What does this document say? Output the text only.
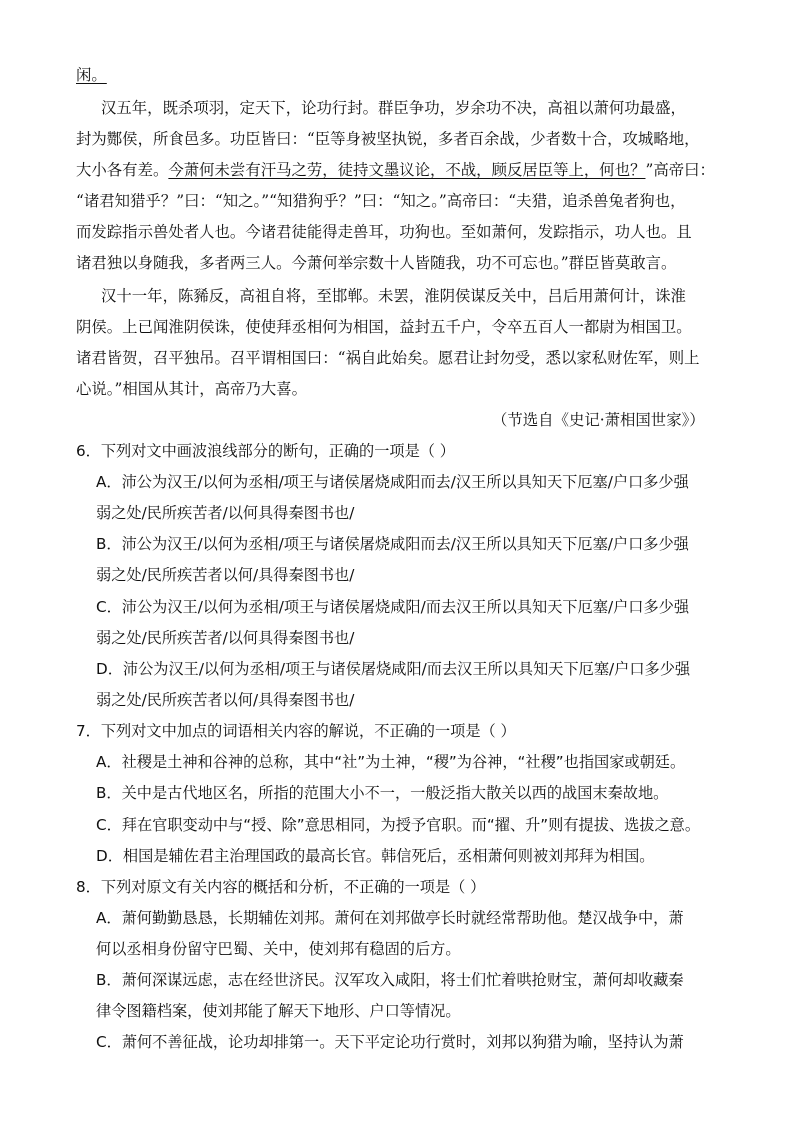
闲。
汉五年，既杀项羽，定天下，论功行封。群臣争功，岁余功不决，高祖以萧何功最盛，
封为酂侯，所食邑多。功臣皆曰：“臣等身被坚执锐，多者百余战，少者数十合，攻城略地，
大小各有差。今萧何未尝有汗马之劳，徒持文墨议论，不战，顾反居臣等上，何也？”高帝曰：
“诸君知猎乎？”曰：“知之。”“知猎狗乎？”曰：“知之。”高帝曰：“夫猎，追杀兽兔者狗也，
而发踪指示兽处者人也。今诸君徒能得走兽耳，功狗也。至如萧何，发踪指示，功人也。且
诸君独以身随我，多者两三人。今萧何举宗数十人皆随我，功不可忘也。”群臣皆莫敢言。
汉十一年，陈豨反，高祖自将，至邯郸。未罢，淮阴侯谋反关中，吕后用萧何计，诛淮
阴侯。上已闻淮阴侯诛，使使拜丞相何为相国，益封五千户，令卒五百人一都尉为相国卫。
诸君皆贺，召平独吊。召平谓相国曰：“祸自此始矣。愿君让封勿受，悉以家私财佐军，则上
心说。”相国从其计，高帝乃大喜。
（节选自《史记·萧相国世家》）
6．下列对文中画波浪线部分的断句，正确的一项是（ ）
A．沛公为汉王/以何为丞相/项王与诸侯屠烧咸阳而去/汉王所以具知天下厄塞/户口多少强
弱之处/民所疾苦者/以何具得秦图书也/
B．沛公为汉王/以何为丞相/项王与诸侯屠烧咸阳而去/汉王所以具知天下厄塞/户口多少强
弱之处/民所疾苦者以何/具得秦图书也/
C．沛公为汉王/以何为丞相/项王与诸侯屠烧咸阳/而去汉王所以具知天下厄塞/户口多少强
弱之处/民所疾苦者/以何具得秦图书也/
D．沛公为汉王/以何为丞相/项王与诸侯屠烧咸阳/而去汉王所以具知天下厄塞/户口多少强
弱之处/民所疾苦者以何/具得秦图书也/
7．下列对文中加点的词语相关内容的解说，不正确的一项是（ ）
A．社稷是土神和谷神的总称，其中“社”为土神，“稷”为谷神，“社稷”也指国家或朝廷。
B．关中是古代地区名，所指的范围大小不一，一般泛指大散关以西的战国末秦故地。
C．拜在官职变动中与“授、除”意思相同，为授予官职。而“擢、升”则有提拔、选拔之意。
D．相国是辅佐君主治理国政的最高长官。韩信死后，丞相萧何则被刘邦拜为相国。
8．下列对原文有关内容的概括和分析，不正确的一项是（ ）
A．萧何勤勤恳恳，长期辅佐刘邦。萧何在刘邦做亭长时就经常帮助他。楚汉战争中，萧
何以丞相身份留守巴蜀、关中，使刘邦有稳固的后方。
B．萧何深谋远虑，志在经世济民。汉军攻入咸阳，将士们忙着哄抢财宝，萧何却收藏秦
律令图籍档案，使刘邦能了解天下地形、户口等情况。
C．萧何不善征战，论功却排第一。天下平定论功行赏时，刘邦以狗猎为喻，坚持认为萧
